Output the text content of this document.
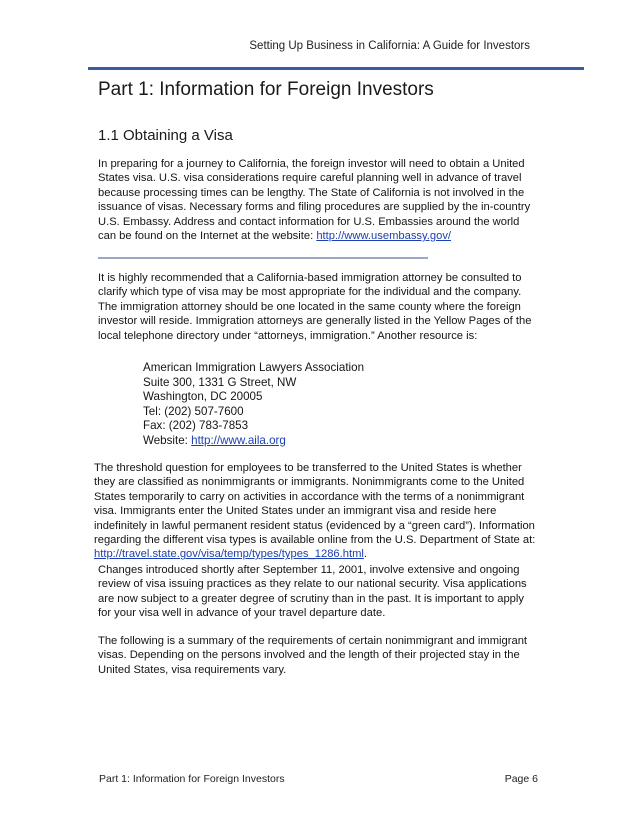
Setting Up Business in California: A Guide for Investors
Part 1: Information for Foreign Investors
1.1 Obtaining a Visa

In preparing for a journey to California, the foreign investor will need to obtain a United States visa. U.S. visa considerations require careful planning well in advance of travel because processing times can be lengthy. The State of California is not involved in the issuance of visas. Necessary forms and filing procedures are supplied by the in-country U.S. Embassy. Address and contact information for U.S. Embassies around the world can be found on the Internet at the website: http://www.usembassy.gov/

It is highly recommended that a California-based immigration attorney be consulted to clarify which type of visa may be most appropriate for the individual and the company. The immigration attorney should be one located in the same county where the foreign investor will reside. Immigration attorneys are generally listed in the Yellow Pages of the local telephone directory under “attorneys, immigration.” Another resource is:

American Immigration Lawyers Association
Suite 300, 1331 G Street, NW
Washington, DC 20005
Tel: (202) 507-7600
Fax: (202) 783-7853
Website: http://www.aila.org

The threshold question for employees to be transferred to the United States is whether they are classified as nonimmigrants or immigrants. Nonimmigrants come to the United States temporarily to carry on activities in accordance with the terms of a nonimmigrant visa. Immigrants enter the United States under an immigrant visa and reside here indefinitely in lawful permanent resident status (evidenced by a “green card”). Information regarding the different visa types is available online from the U.S. Department of State at: http://travel.state.gov/visa/temp/types/types_1286.html.

Changes introduced shortly after September 11, 2001, involve extensive and ongoing review of visa issuing practices as they relate to our national security. Visa applications are now subject to a greater degree of scrutiny than in the past. It is important to apply for your visa well in advance of your travel departure date.

The following is a summary of the requirements of certain nonimmigrant and immigrant visas. Depending on the persons involved and the length of their projected stay in the United States, visa requirements vary.

Part 1: Information for Foreign Investors	Page 6
